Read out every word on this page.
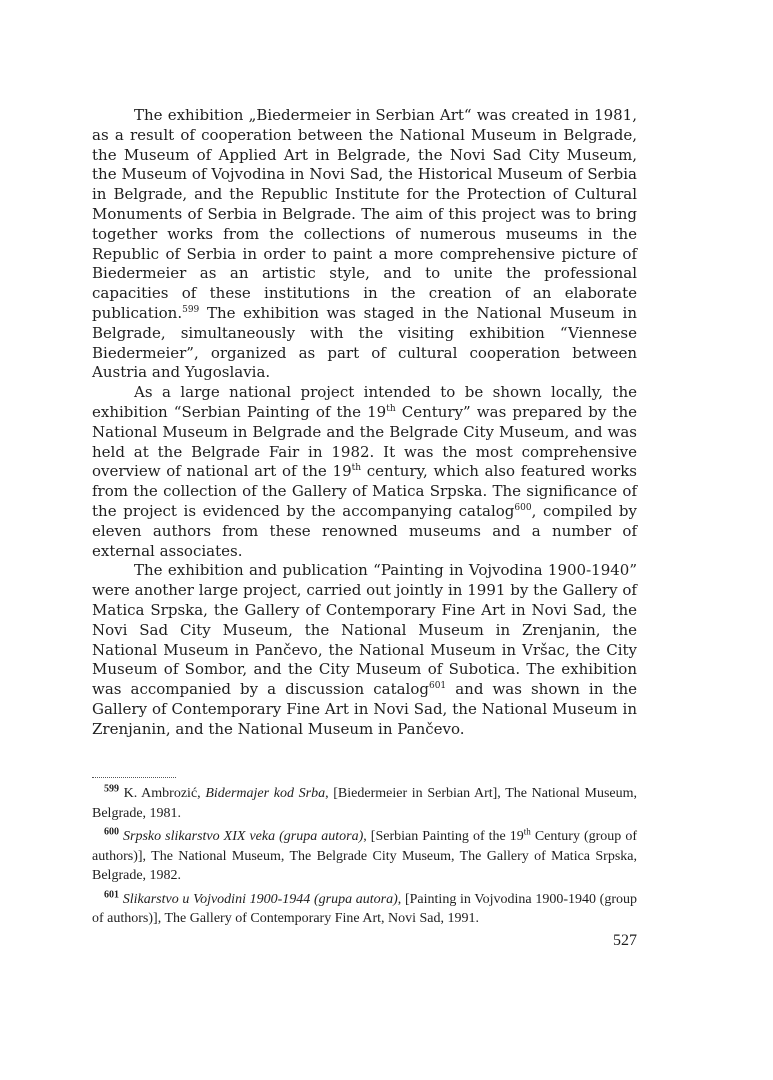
The exhibition „Biedermeier in Serbian Art“ was created in 1981, as a result of cooperation between the National Museum in Belgrade, the Museum of Applied Art in Belgrade, the Novi Sad City Museum, the Museum of Vojvodina in Novi Sad, the Historical Museum of Serbia in Belgrade, and the Republic Institute for the Protection of Cultural Monuments of Serbia in Belgrade. The aim of this project was to bring together works from the collections of numerous museums in the Republic of Serbia in order to paint a more comprehensive picture of Biedermeier as an artistic style, and to unite the professional capacities of these institutions in the creation of an elaborate publication.$^{599}$ The exhibition was staged in the National Museum in Belgrade, simultaneously with the visiting exhibition “Viennese Biedermeier”, organized as part of cultural cooperation between Austria and Yugoslavia.

As a large national project intended to be shown locally, the exhibition “Serbian Painting of the 19th Century” was prepared by the National Museum in Belgrade and the Belgrade City Museum, and was held at the Belgrade Fair in 1982. It was the most comprehensive overview of national art of the 19th century, which also featured works from the collection of the Gallery of Matica Srpska. The significance of the project is evidenced by the accompanying catalog$^{600}$, compiled by eleven authors from these renowned museums and a number of external associates.

The exhibition and publication “Painting in Vojvodina 1900-1940” were another large project, carried out jointly in 1991 by the Gallery of Matica Srpska, the Gallery of Contemporary Fine Art in Novi Sad, the Novi Sad City Museum, the National Museum in Zrenjanin, the National Museum in Pančevo, the National Museum in Vršac, the City Museum of Sombor, and the City Museum of Subotica. The exhibition was accompanied by a discussion catalog$^{601}$ and was shown in the Gallery of Contemporary Fine Art in Novi Sad, the National Museum in Zrenjanin, and the National Museum in Pančevo.

$^{599}$ K. Ambrozić, Bidermajer kod Srba, [Biedermeier in Serbian Art], The National Museum, Belgrade, 1981.

$^{600}$ Srpsko slikarstvo XIX veka (grupa autora), [Serbian Painting of the 19th Century (group of authors)], The National Museum, The Belgrade City Museum, The Gallery of Matica Srpska, Belgrade, 1982.

$^{601}$ Slikarstvo u Vojvodini 1900-1944 (grupa autora), [Painting in Vojvodina 1900-1940 (group of authors)], The Gallery of Contemporary Fine Art, Novi Sad, 1991.

527
